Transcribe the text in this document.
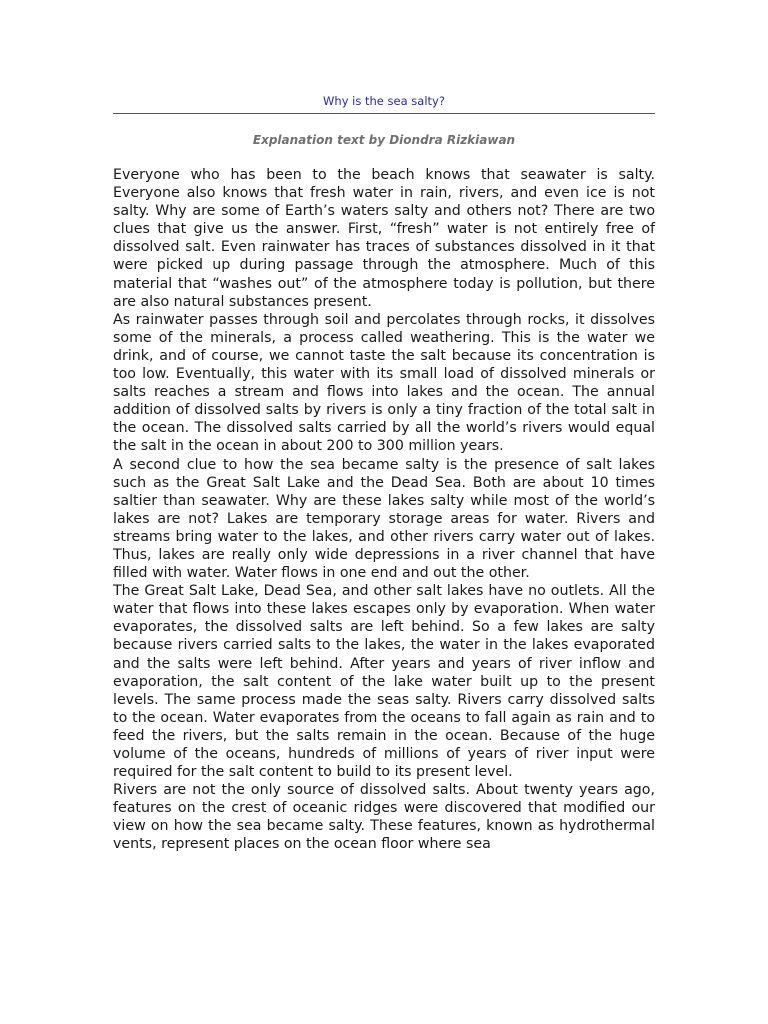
Why is the sea salty?
Explanation text by Diondra Rizkiawan

Everyone who has been to the beach knows that seawater is salty. Everyone also knows that fresh water in rain, rivers, and even ice is not salty. Why are some of Earth’s waters salty and others not? There are two clues that give us the answer. First, “fresh” water is not entirely free of dissolved salt. Even rainwater has traces of substances dissolved in it that were picked up during passage through the atmosphere. Much of this material that “washes out” of the atmosphere today is pollution, but there are also natural substances present.

As rainwater passes through soil and percolates through rocks, it dissolves some of the minerals, a process called weathering. This is the water we drink, and of course, we cannot taste the salt because its concentration is too low. Eventually, this water with its small load of dissolved minerals or salts reaches a stream and flows into lakes and the ocean. The annual addition of dissolved salts by rivers is only a tiny fraction of the total salt in the ocean. The dissolved salts carried by all the world’s rivers would equal the salt in the ocean in about 200 to 300 million years.

A second clue to how the sea became salty is the presence of salt lakes such as the Great Salt Lake and the Dead Sea. Both are about 10 times saltier than seawater. Why are these lakes salty while most of the world’s lakes are not? Lakes are temporary storage areas for water. Rivers and streams bring water to the lakes, and other rivers carry water out of lakes. Thus, lakes are really only wide depressions in a river channel that have filled with water. Water flows in one end and out the other.

The Great Salt Lake, Dead Sea, and other salt lakes have no outlets. All the water that flows into these lakes escapes only by evaporation. When water evaporates, the dissolved salts are left behind. So a few lakes are salty because rivers carried salts to the lakes, the water in the lakes evaporated and the salts were left behind. After years and years of river inflow and evaporation, the salt content of the lake water built up to the present levels. The same process made the seas salty. Rivers carry dissolved salts to the ocean. Water evaporates from the oceans to fall again as rain and to feed the rivers, but the salts remain in the ocean. Because of the huge volume of the oceans, hundreds of millions of years of river input were required for the salt content to build to its present level.

Rivers are not the only source of dissolved salts. About twenty years ago, features on the crest of oceanic ridges were discovered that modified our view on how the sea became salty. These features, known as hydrothermal vents, represent places on the ocean floor where sea
